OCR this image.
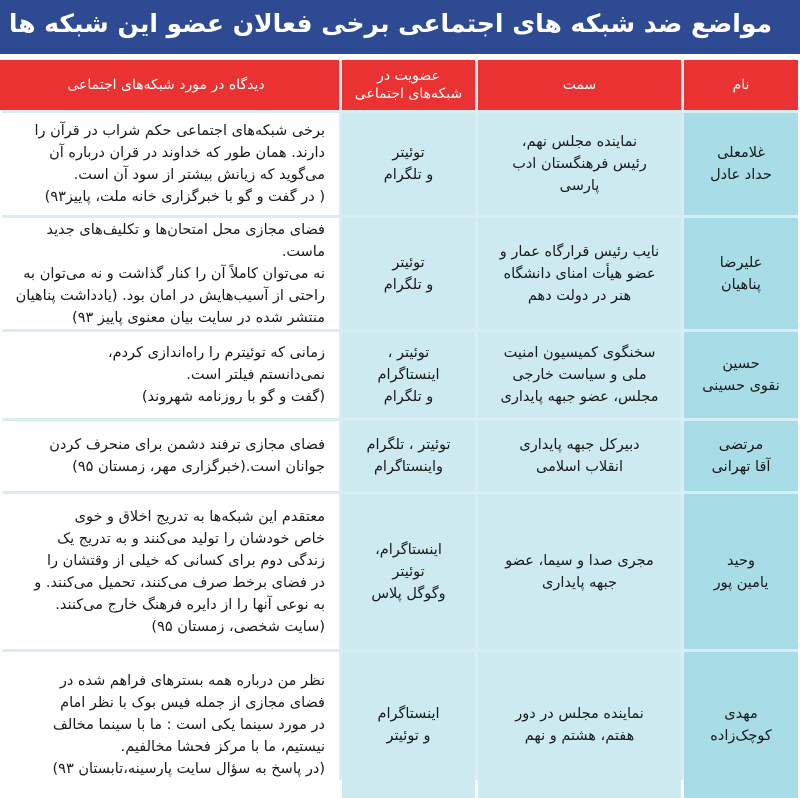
مواضع ضد شبکه های اجتماعی برخی فعالان عضو این شبکه ها
نام
سمت
عضویت در
شبکه‌های اجتماعی
دیدگاه در مورد شبکه‌های اجتماعی
غلامعلی
حداد عادل
نماینده مجلس نهم،
رئیس فرهنگستان ادب
پارسی
توئیتر
و تلگرام
برخی شبکه‌های اجتماعی حکم شراب در قرآن را
دارند. همان طور که خداوند در قران درباره آن
می‌گوید که زیانش بیشتر از سود آن است.
( در گفت و گو با خبرگزاری خانه ملت، پاییز۹۳)
علیرضا
پناهیان
نایب رئیس قرارگاه عمار و
عضو هیأت امنای دانشگاه
هنر در دولت دهم
توئیتر
و تلگرام
فضای مجازی محل امتحان‌ها و تکلیف‌های جدید ماست.
نه می‌توان کاملاً آن را کنار گذاشت و نه می‌توان به
راحتی از آسیب‌هایش در امان بود. (یادداشت پناهیان
منتشر شده در سایت بیان معنوی پاییز ۹۳)
حسین
نقوی حسینی
سخنگوی کمیسیون امنیت
ملی و سیاست خارجی
مجلس، عضو جبهه پایداری
توئیتر ،
اینستاگرام
و تلگرام
زمانی که توئیترم را راه‌اندازی کردم،
نمی‌دانستم فیلتر است.
(گفت و گو با روزنامه شهروند)
مرتضی
آقا تهرانی
دبیرکل جبهه پایداری
انقلاب اسلامی
توئیتر ، تلگرام
واینستاگرام
فضای مجازی ترفند دشمن برای منحرف کردن
جوانان است.(خبرگزاری مهر، زمستان ۹۵)
وحید
یامین پور
مجری صدا و سیما، عضو
جبهه پایداری
اینستاگرام،
توئیتر
وگوگل پلاس
معتقدم این شبکه‌ها به تدریج اخلاق و خوی
خاص خودشان را تولید می‌کنند و به تدریج یک
زندگی دوم برای کسانی که خیلی از وقتشان را
در فضای برخط صرف می‌کنند، تحمیل می‌کنند. و
به نوعی آنها را از دایره فرهنگ خارج می‌کنند.
(سایت شخصی، زمستان ۹۵)
مهدی
کوچک‌زاده
نماینده مجلس در دور
هفتم، هشتم و نهم
اینستاگرام
و توئیتر
نظر من درباره همه بسترهای فراهم شده در
فضای مجازی از جمله فیس بوک با نظر امام
در مورد سینما یکی است : ما با سینما مخالف
نیستیم، ما با مرکز فحشا مخالفیم.
(در پاسخ به سؤال سایت پارسینه،تابستان ۹۳)
